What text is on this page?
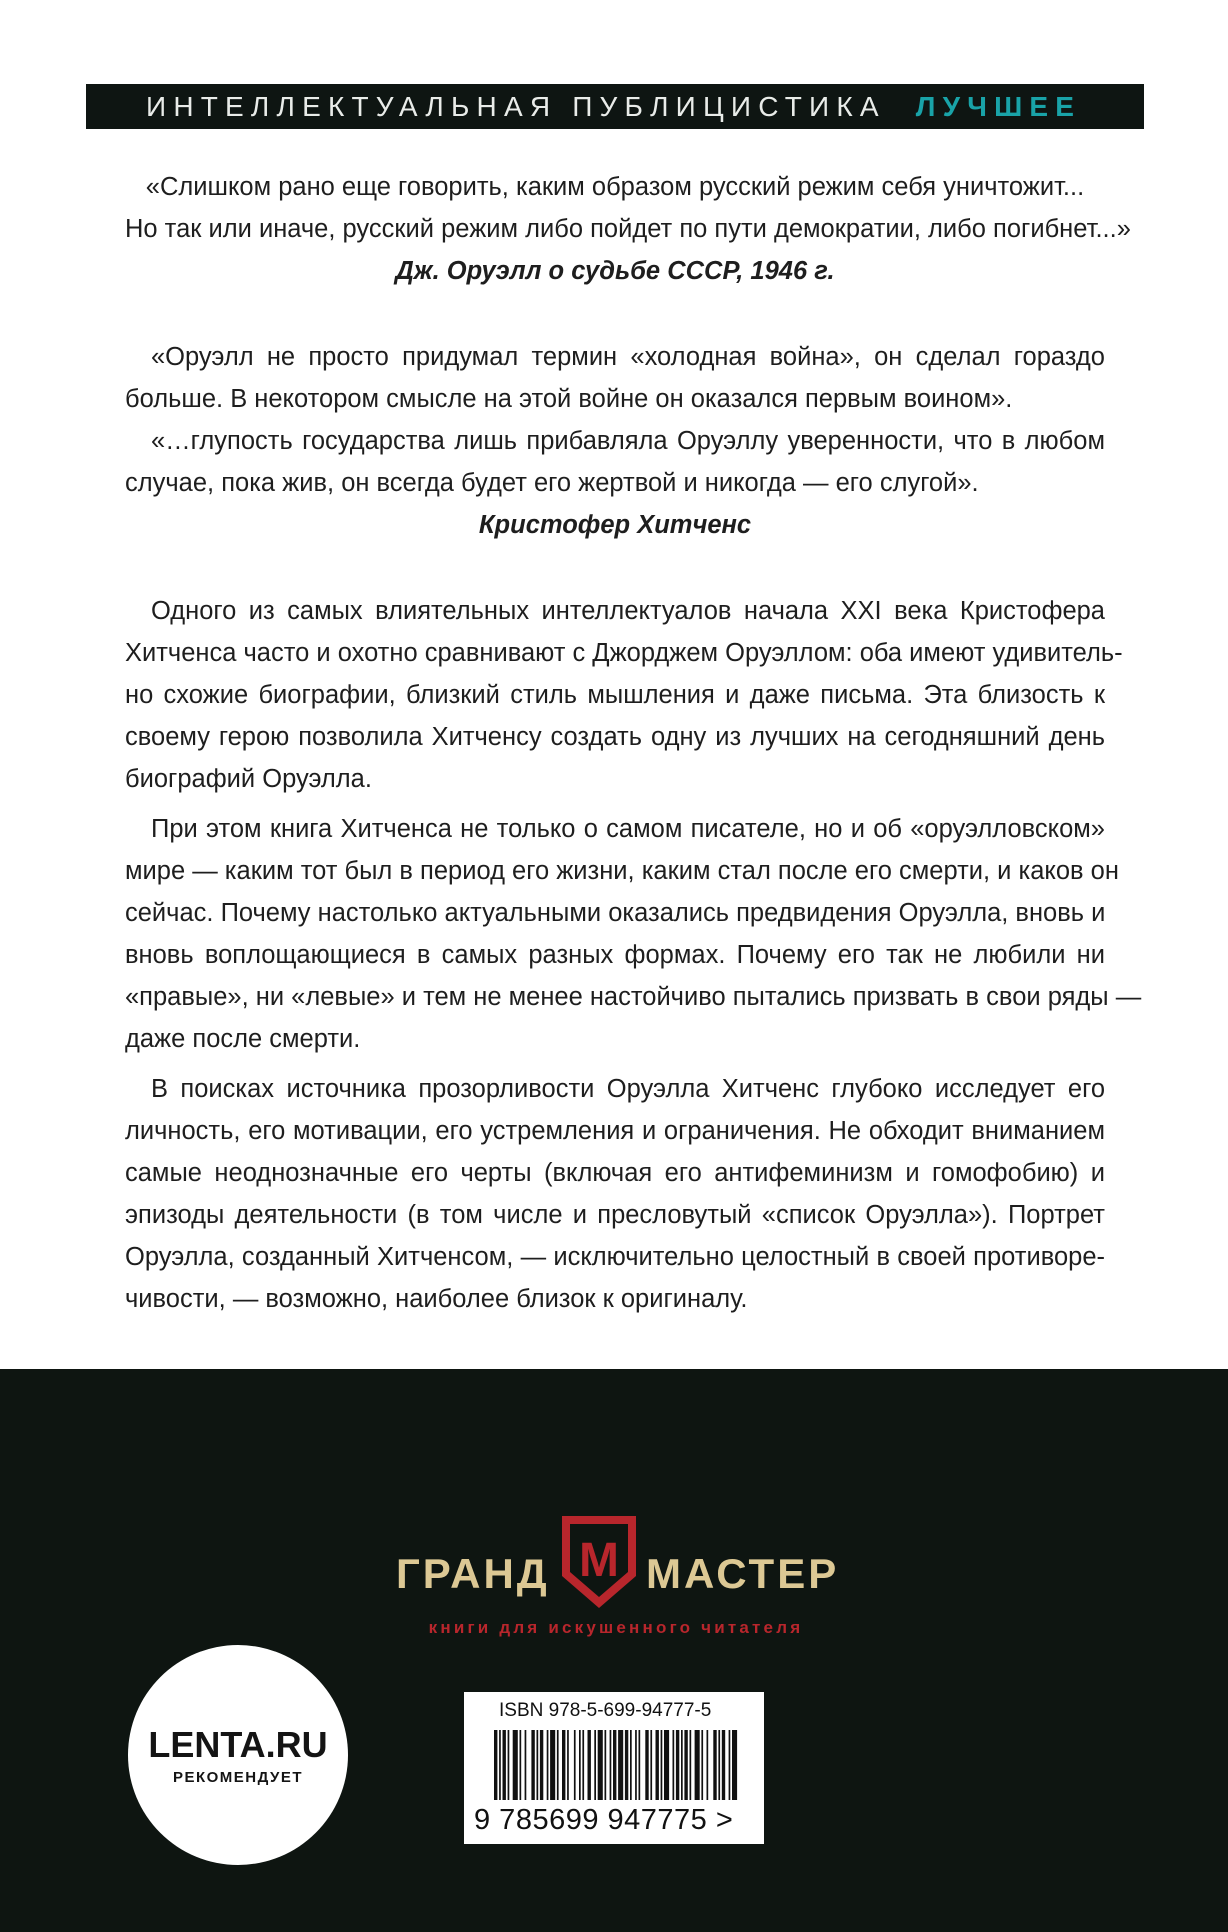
ИНТЕЛЛЕКТУАЛЬНАЯ ПУБЛИЦИСТИКА ЛУЧШЕЕ
«Слишком рано еще говорить, каким образом русский режим себя уничтожит...
Но так или иначе, русский режим либо пойдет по пути демократии, либо погибнет...»
Дж. Оруэлл о судьбе СССР, 1946 г.
«Оруэлл не просто придумал термин «холодная война», он сделал гораздо
больше. В некотором смысле на этой войне он оказался первым воином».
«…глупость государства лишь прибавляла Оруэллу уверенности, что в любом
случае, пока жив, он всегда будет его жертвой и никогда — его слугой».
Кристофер Хитченс
Одного из самых влиятельных интеллектуалов начала XXI века Кристофера
Хитченса часто и охотно сравнивают с Джорджем Оруэллом: оба имеют удивитель-
но схожие биографии, близкий стиль мышления и даже письма. Эта близость к
своему герою позволила Хитченсу создать одну из лучших на сегодняшний день
биографий Оруэлла.
При этом книга Хитченса не только о самом писателе, но и об «оруэлловском»
мире — каким тот был в период его жизни, каким стал после его смерти, и каков он
сейчас. Почему настолько актуальными оказались предвидения Оруэлла, вновь и
вновь воплощающиеся в самых разных формах. Почему его так не любили ни
«правые», ни «левые» и тем не менее настойчиво пытались призвать в свои ряды —
даже после смерти.
В поисках источника прозорливости Оруэлла Хитченс глубоко исследует его
личность, его мотивации, его устремления и ограничения. Не обходит вниманием
самые неоднозначные его черты (включая его антифеминизм и гомофобию) и
эпизоды деятельности (в том числе и пресловутый «список Оруэлла»). Портрет
Оруэлла, созданный Хитченсом, — исключительно целостный в своей противоре-
чивости, — возможно, наиболее близок к оригиналу.
ГРАНД M МАСТЕР
книги для искушенного читателя
LENTA.RU
РЕКОМЕНДУЕТ
ISBN 978-5-699-94777-5
9 785699 947775 >
